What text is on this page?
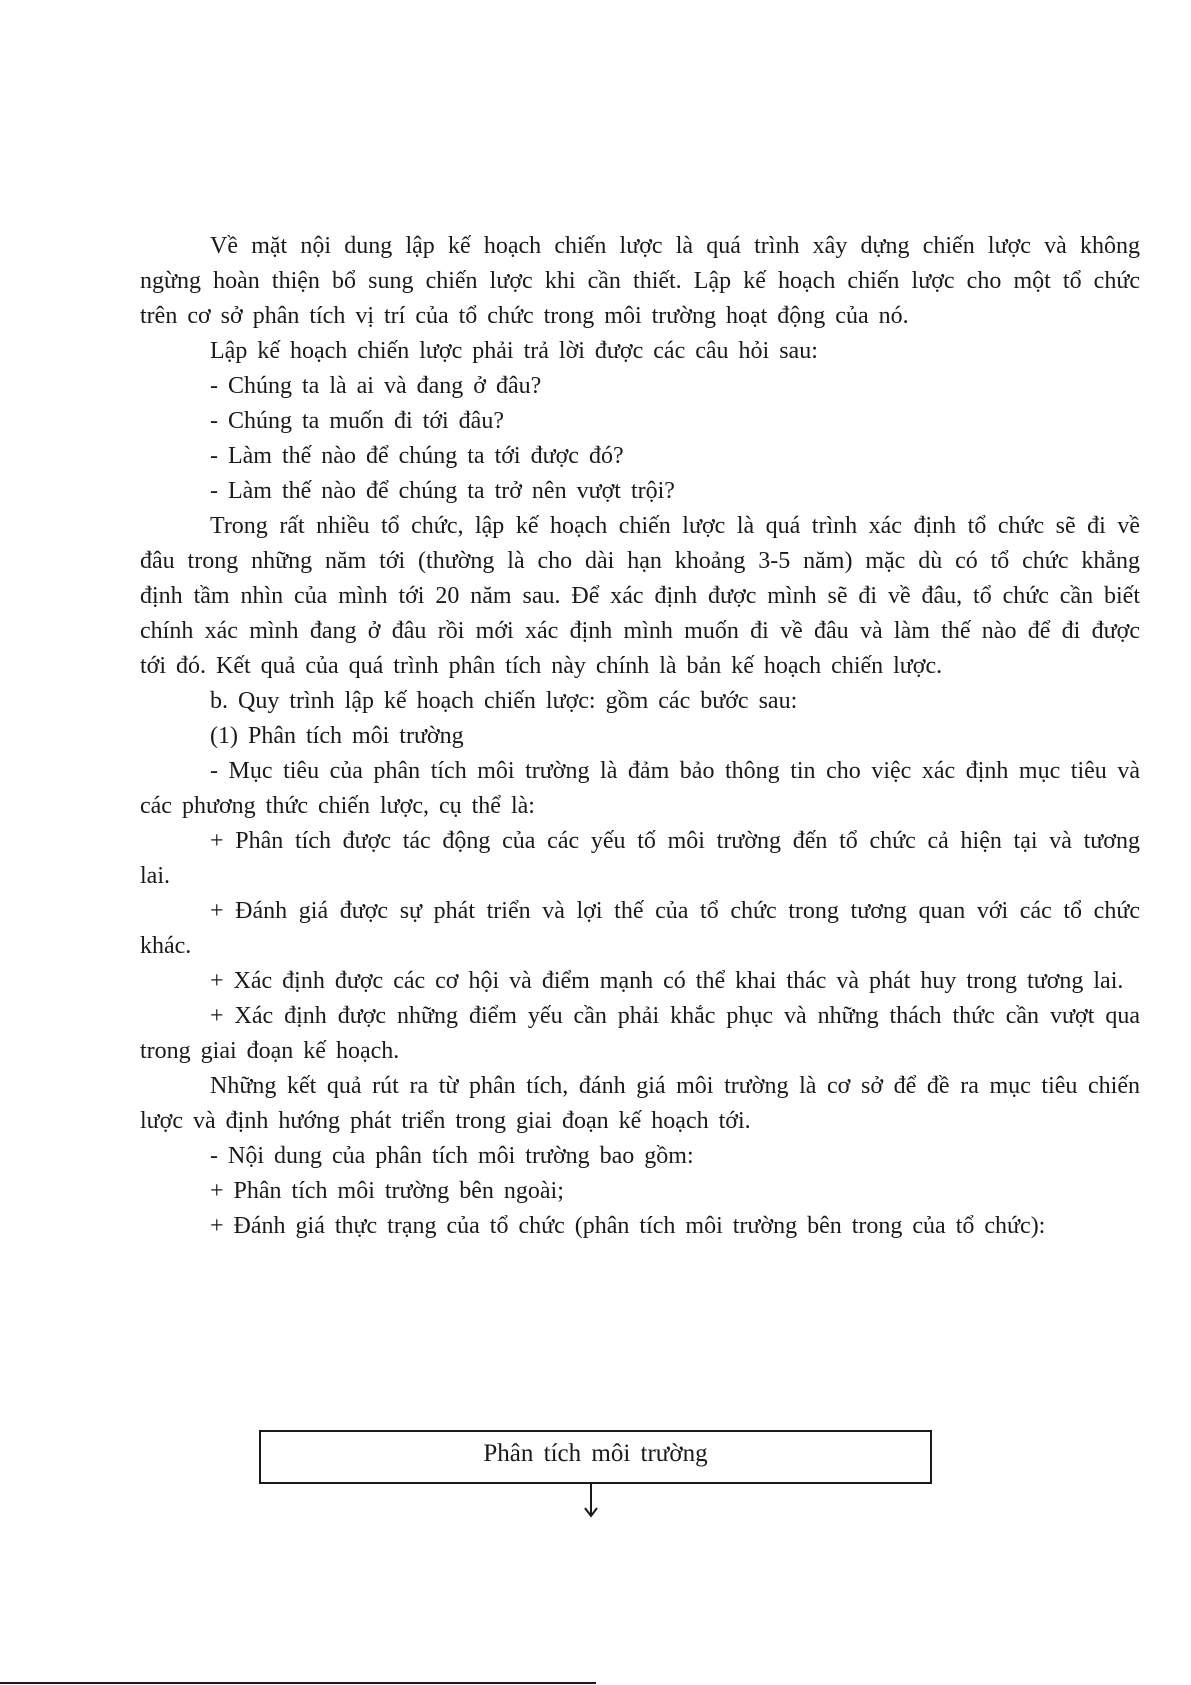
Về mặt nội dung lập kế hoạch chiến lược là quá trình xây dựng chiến lược và không ngừng hoàn thiện bổ sung chiến lược khi cần thiết. Lập kế hoạch chiến lược cho một tổ chức trên cơ sở phân tích vị trí của tổ chức trong môi trường hoạt động của nó.

Lập kế hoạch chiến lược phải trả lời được các câu hỏi sau:

- Chúng ta là ai và đang ở đâu?

- Chúng ta muốn đi tới đâu?

- Làm thế nào để chúng ta tới được đó?

- Làm thế nào để chúng ta trở nên vượt trội?

Trong rất nhiều tổ chức, lập kế hoạch chiến lược là quá trình xác định tổ chức sẽ đi về đâu trong những năm tới (thường là cho dài hạn khoảng 3-5 năm) mặc dù có tổ chức khẳng định tầm nhìn của mình tới 20 năm sau. Để xác định được mình sẽ đi về đâu, tổ chức cần biết chính xác mình đang ở đâu rồi mới xác định mình muốn đi về đâu và làm thế nào để đi được tới đó. Kết quả của quá trình phân tích này chính là bản kế hoạch chiến lược.

b. Quy trình lập kế hoạch chiến lược: gồm các bước sau:

(1) Phân tích môi trường

- Mục tiêu của phân tích môi trường là đảm bảo thông tin cho việc xác định mục tiêu và các phương thức chiến lược, cụ thể là:

+ Phân tích được tác động của các yếu tố môi trường đến tổ chức cả hiện tại và tương lai.

+ Đánh giá được sự phát triển và lợi thế của tổ chức trong tương quan với các tổ chức khác.

+ Xác định được các cơ hội và điểm mạnh có thể khai thác và phát huy trong tương lai.

+ Xác định được những điểm yếu cần phải khắc phục và những thách thức cần vượt qua trong giai đoạn kế hoạch.

Những kết quả rút ra từ phân tích, đánh giá môi trường là cơ sở để đề ra mục tiêu chiến lược và định hướng phát triển trong giai đoạn kế hoạch tới.

- Nội dung của phân tích môi trường bao gồm:

+ Phân tích môi trường bên ngoài;

+ Đánh giá thực trạng của tổ chức (phân tích môi trường bên trong của tổ chức):

Phân tích môi trường
